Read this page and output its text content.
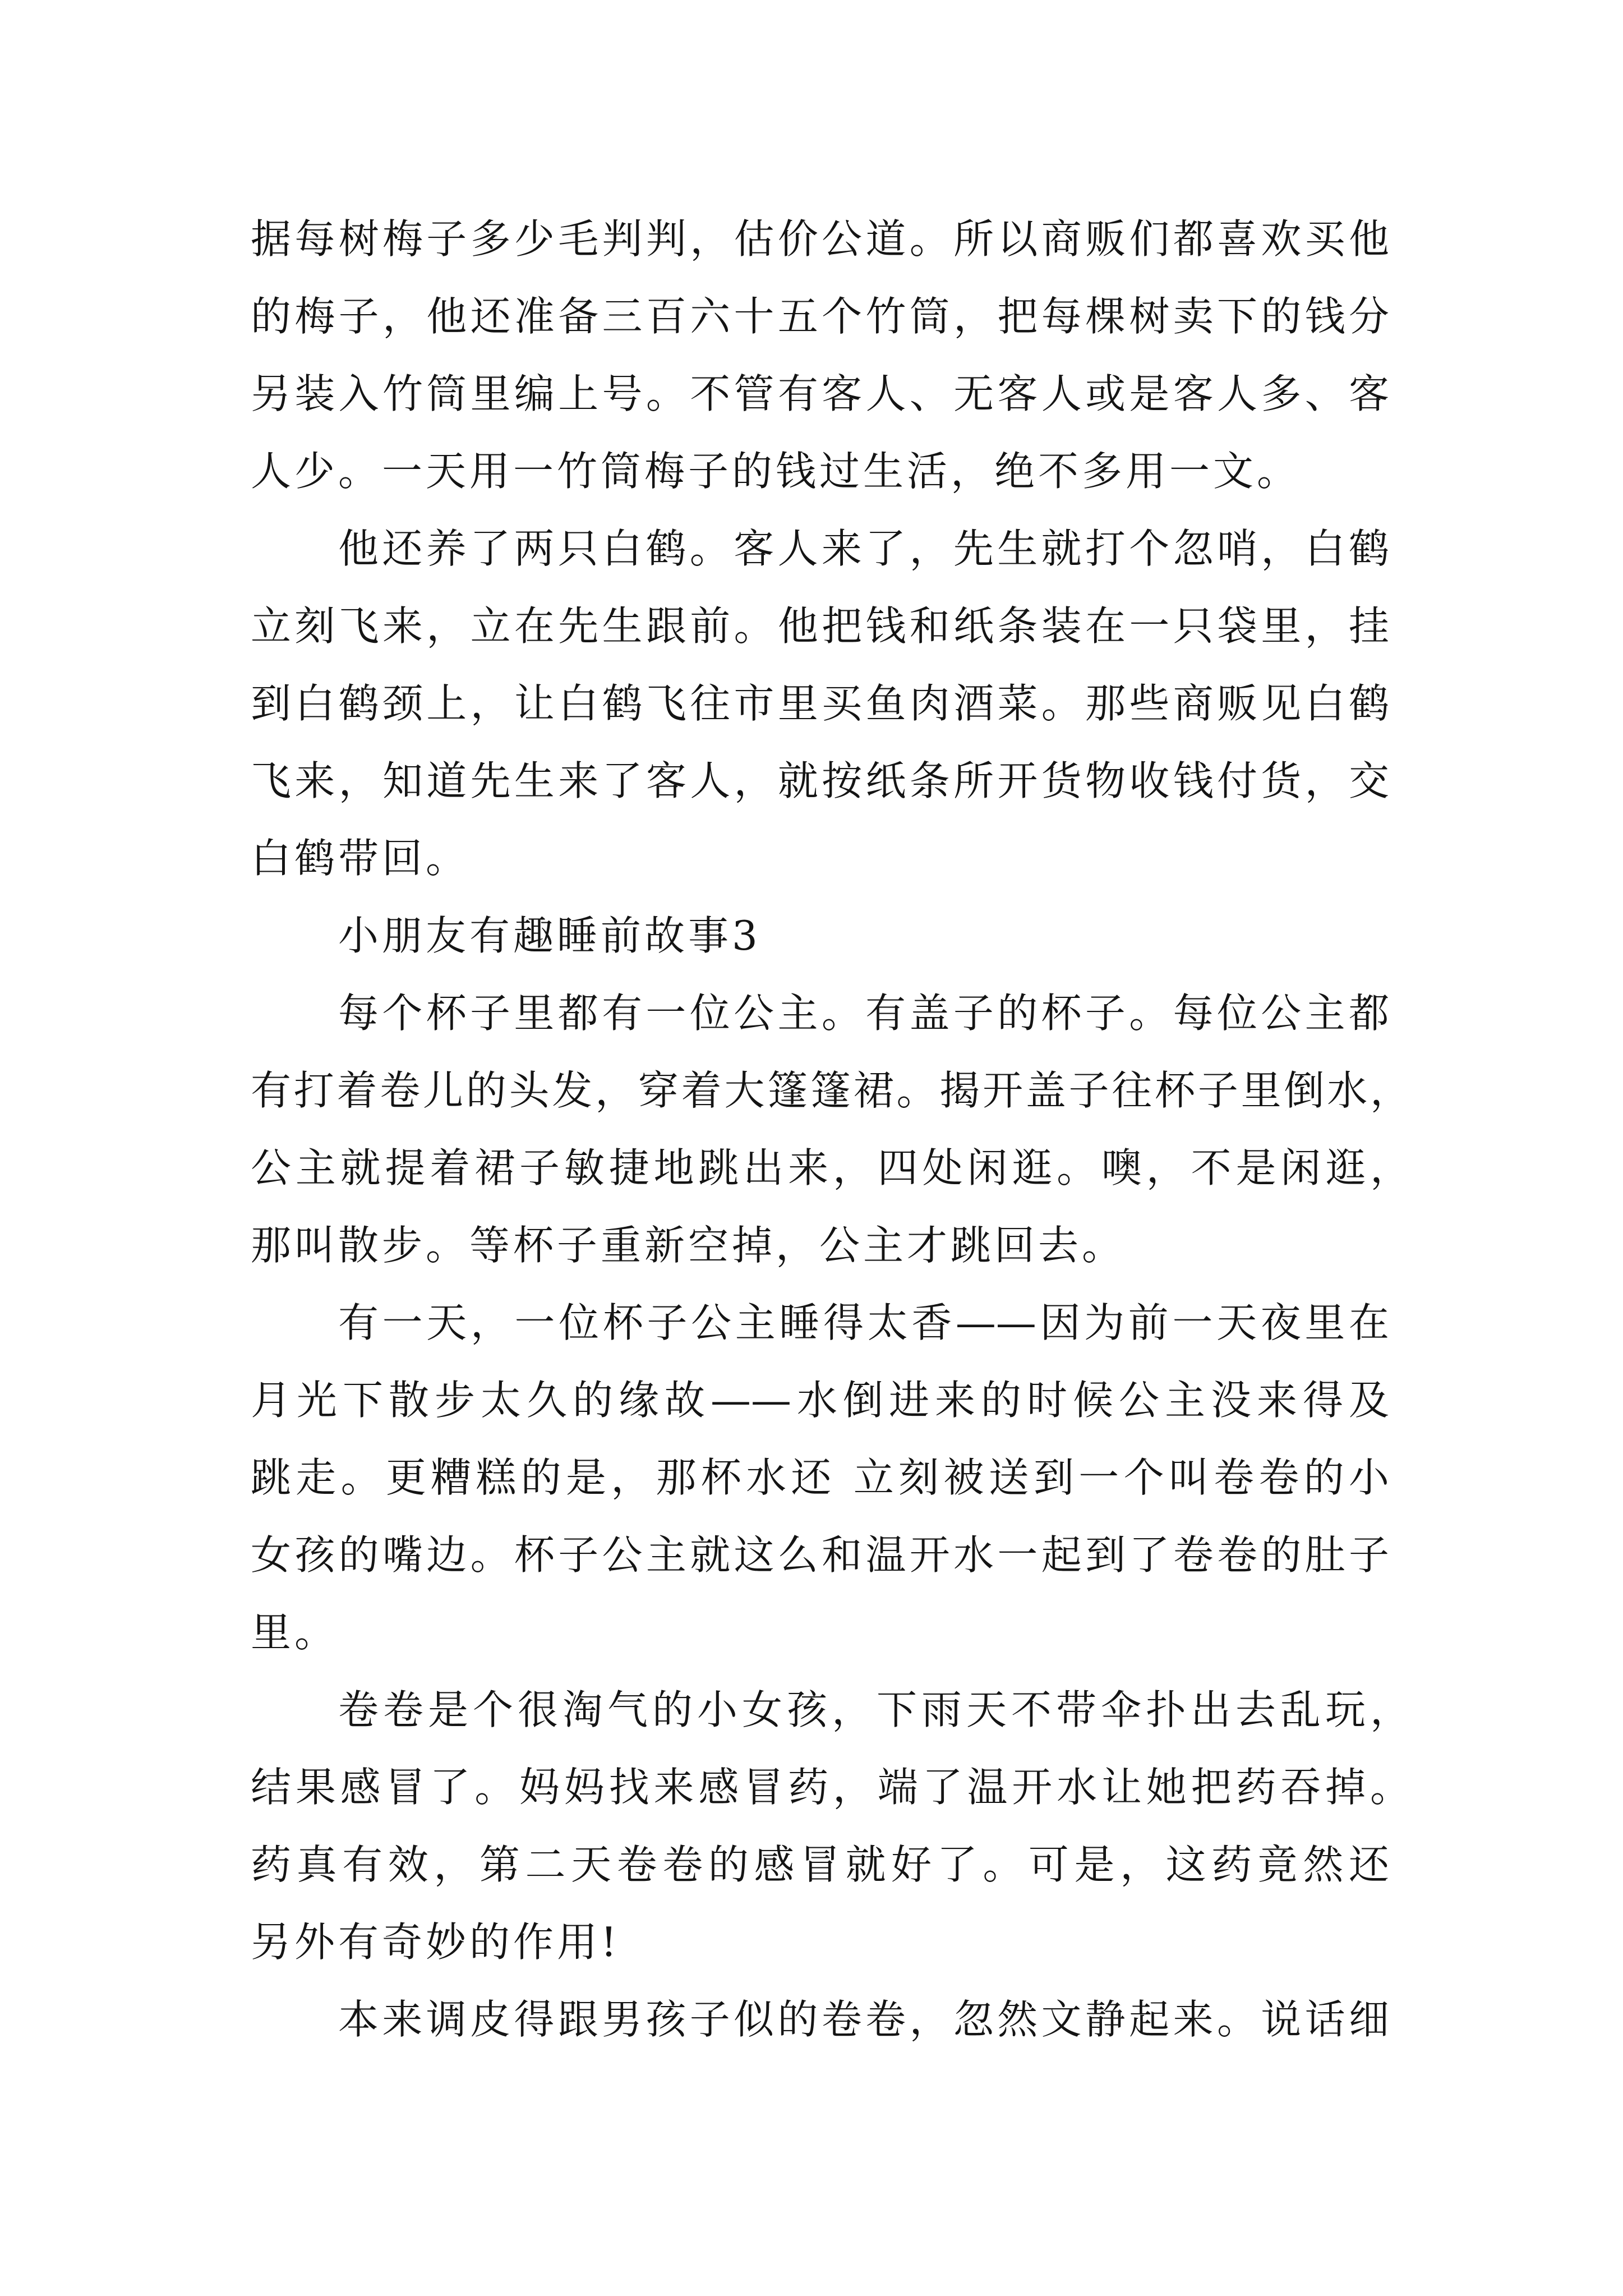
据每树梅子多少毛判判，估价公道。所以商贩们都喜欢买他
的梅子，他还准备三百六十五个竹筒，把每棵树卖下的钱分
另装入竹筒里编上号。不管有客人、无客人或是客人多、客
人少。一天用一竹筒梅子的钱过生活，绝不多用一文。
他还养了两只白鹤。客人来了，先生就打个忽哨，白鹤
立刻飞来，立在先生跟前。他把钱和纸条装在一只袋里，挂
到白鹤颈上，让白鹤飞往市里买鱼肉酒菜。那些商贩见白鹤
飞来，知道先生来了客人，就按纸条所开货物收钱付货，交
白鹤带回。
小朋友有趣睡前故事3
每个杯子里都有一位公主。有盖子的杯子。每位公主都
有打着卷儿的头发，穿着大篷篷裙。揭开盖子往杯子里倒水，
公主就提着裙子敏捷地跳出来，四处闲逛。噢，不是闲逛，
那叫散步。等杯子重新空掉，公主才跳回去。
有一天，一位杯子公主睡得太香——因为前一天夜里在
月光下散步太久的缘故——水倒进来的时候公主没来得及
跳走。更糟糕的是，那杯水还 立刻被送到一个叫卷卷的小
女孩的嘴边。杯子公主就这么和温开水一起到了卷卷的肚子
里。
卷卷是个很淘气的小女孩，下雨天不带伞扑出去乱玩，
结果感冒了。妈妈找来感冒药，端了温开水让她把药吞掉。
药真有效，第二天卷卷的感冒就好了。可是，这药竟然还
另外有奇妙的作用!
本来调皮得跟男孩子似的卷卷，忽然文静起来。说话细
